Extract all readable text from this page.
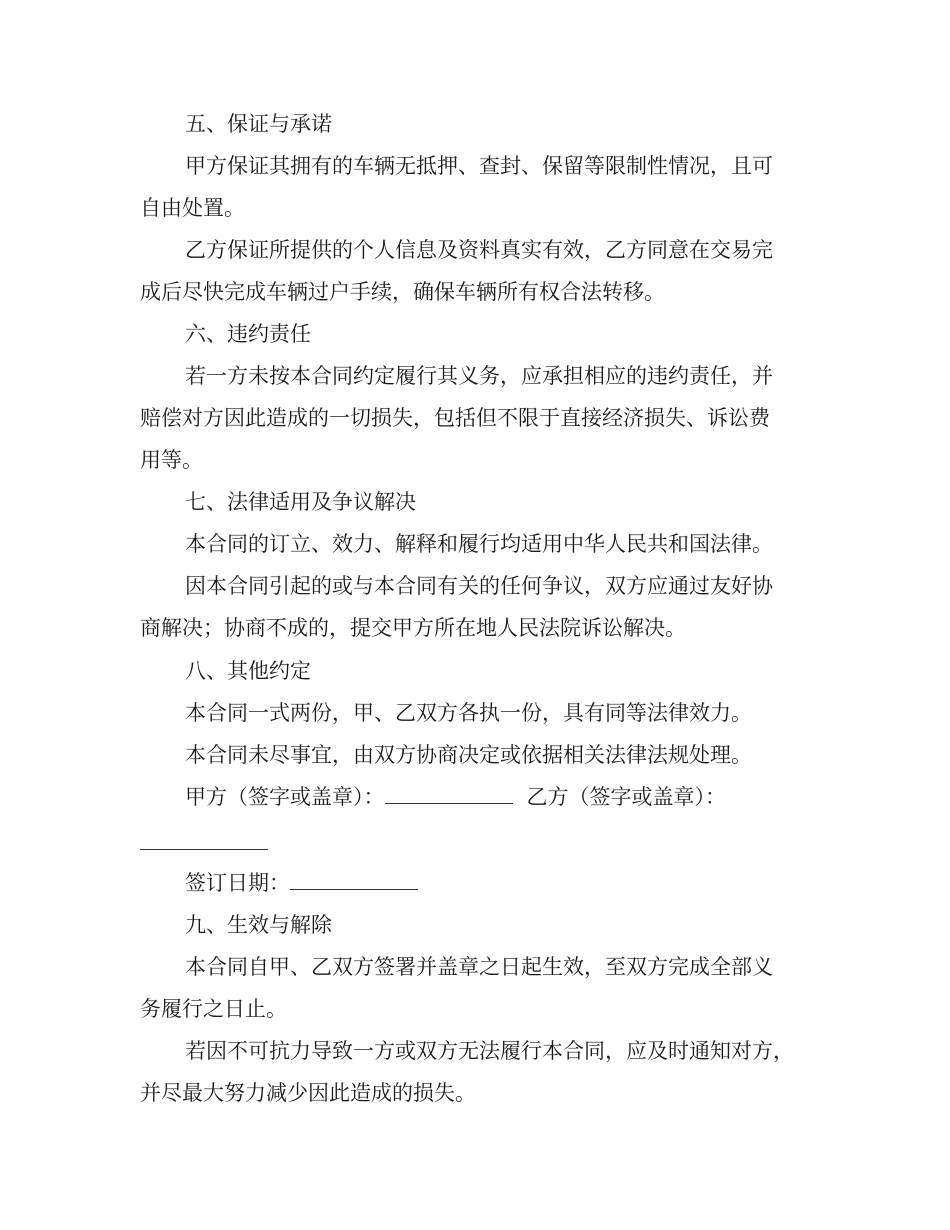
五、保证与承诺

甲方保证其拥有的车辆无抵押、查封、保留等限制性情况，且可

自由处置。

乙方保证所提供的个人信息及资料真实有效，乙方同意在交易完

成后尽快完成车辆过户手续，确保车辆所有权合法转移。

六、违约责任

若一方未按本合同约定履行其义务，应承担相应的违约责任，并

赔偿对方因此造成的一切损失，包括但不限于直接经济损失、诉讼费

用等。

七、法律适用及争议解决

本合同的订立、效力、解释和履行均适用中华人民共和国法律。

因本合同引起的或与本合同有关的任何争议，双方应通过友好协

商解决；协商不成的，提交甲方所在地人民法院诉讼解决。

八、其他约定

本合同一式两份，甲、乙双方各执一份，具有同等法律效力。

本合同未尽事宜，由双方协商决定或依据相关法律法规处理。

甲方（签字或盖章）：	乙方（签字或盖章）：

签订日期：

九、生效与解除

本合同自甲、乙双方签署并盖章之日起生效，至双方完成全部义

务履行之日止。

若因不可抗力导致一方或双方无法履行本合同，应及时通知对方，

并尽最大努力减少因此造成的损失。
